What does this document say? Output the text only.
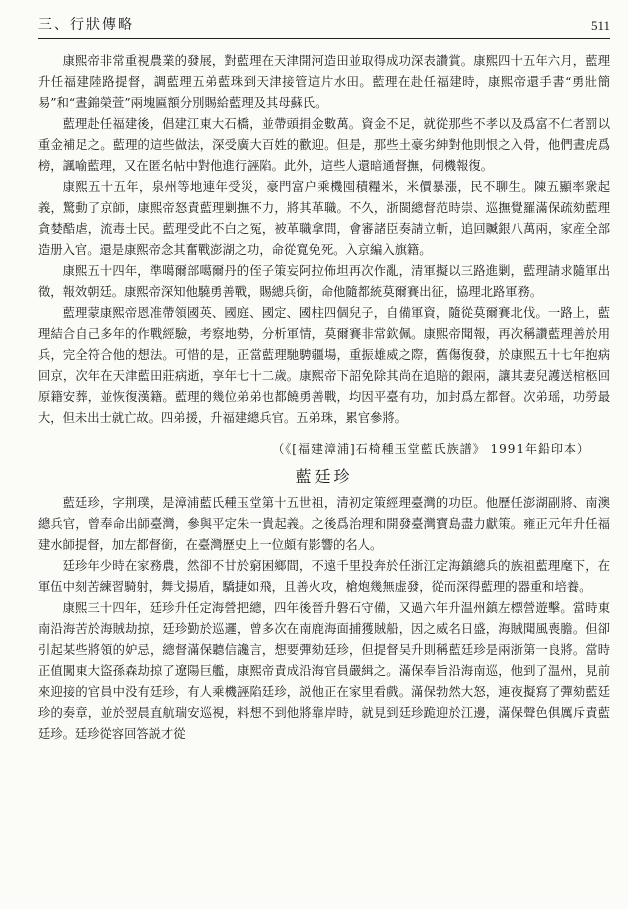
三、行狀傳略	511

康熙帝非常重視農業的發展，對藍理在天津開河造田並取得成功深表讚賞。康熙四十五年六月，藍理升任福建陸路提督，調藍理五弟藍珠到天津接管這片水田。藍理在赴任福建時，康熙帝還手書“勇壯簡易”和“晝錦榮萱”兩塊匾額分別賜給藍理及其母蘇氏。

藍理赴任福建後，倡建江東大石橋，並帶頭捐金數萬。資金不足，就從那些不孝以及爲富不仁者罰以重金補足之。藍理的這些做法，深受廣大百姓的歡迎。但是，那些土豪劣紳對他則恨之入骨，他們晝虎爲榜，諷喻藍理，又在匿名帖中對他進行誣陷。此外，這些人還暗通督撫，伺機報復。

康熙五十五年，泉州等地連年受災，豪門富户乘機囤積糧米，米價暴漲，民不聊生。陳五顯率衆起義，驚動了京師，康熙帝怒責藍理剿撫不力，將其革職。不久，浙閩總督范時崇、巡撫覺羅滿保疏劾藍理貪婪酷虐，流毒士民。藍理受此不白之冤，被革職拿問，會審諸臣奏請立斬，追回贓銀八萬兩，家産全部造册入官。還是康熙帝念其奮戰澎湖之功，命從寬免死。入京編入旗籍。

康熙五十四年，準噶爾部噶爾丹的侄子策妄阿拉佈坦再次作亂，清軍擬以三路進剿，藍理請求隨軍出徵，報效朝廷。康熙帝深知他驍勇善戰，賜總兵銜，命他隨都統莫爾賽出征，協理北路軍務。

藍理蒙康熙帝恩准帶領國英、國庭、國定、國柱四個兒子，自備軍資，隨從莫爾賽北伐。一路上，藍理結合自己多年的作戰經驗，考察地勢，分析軍情，莫爾賽非常欽佩。康熙帝聞報，再次稱讚藍理善於用兵，完全符合他的想法。可惜的是，正當藍理馳騁疆場，重振雄威之際，舊傷復發，於康熙五十七年抱病回京，次年在天津藍田莊病逝，享年七十二歲。康熙帝下詔免除其尚在追賠的銀兩，讓其妻兒護送棺柩回原籍安葬，並恢復漢籍。藍理的幾位弟弟也都饒勇善戰，均因平臺有功，加封爲左都督。次弟瑶，功勞最大，但未出士就亡故。四弟援，升福建總兵官。五弟珠，累官參將。

（《[福建漳浦]石椅種玉堂藍氏族譜》 1991年鉛印本）
藍廷珍

藍廷珍，字荆璞，是漳浦藍氏種玉堂第十五世祖，清初定策經理臺灣的功臣。他歷任澎湖副將、南澳總兵官，曾奉命出師臺灣，參與平定朱一貴起義。之後爲治理和開發臺灣寶島盡力獻策。雍正元年升任福建水師提督，加左都督銜，在臺灣歷史上一位頗有影響的名人。

廷珍年少時在家務農，然卻不甘於窮困鄉間，不遠千里投奔於任浙江定海鎮總兵的族祖藍理麾下，在軍伍中刻苦練習騎射，舞戈揚盾，驕捷如飛，且善火攻，槍炮幾無虚發，從而深得藍理的器重和培養。

康熙三十四年，廷珍升任定海營把總，四年後晉升磐石守備，又過六年升温州鎮左標營遊擊。當時東南沿海苦於海賊劫掠，廷珍勤於巡邏，曾多次在南鹿海面捕獲賊船，因之威名日盛，海賊聞風喪膽。但卻引起某些將領的妒忌，總督滿保聽信讒言，想要彈劾廷珍，但提督吴升則稱藍廷珍是兩浙第一良將。當時正值闖東大盜孫森劫掠了遼陽巨艦，康熙帝責成沿海官員嚴緝之。滿保奉旨沿海南巡，他到了温州，見前來迎接的官員中没有廷珍，有人乘機誣陷廷珍，説他正在家里看戲。滿保勃然大怒，連夜擬寫了彈劾藍廷珍的奏章，並於翌晨直航瑞安巡視，料想不到他將靠岸時，就見到廷珍跪迎於江邊，滿保聲色俱厲斥責藍廷珍。廷珍從容回答説才從
